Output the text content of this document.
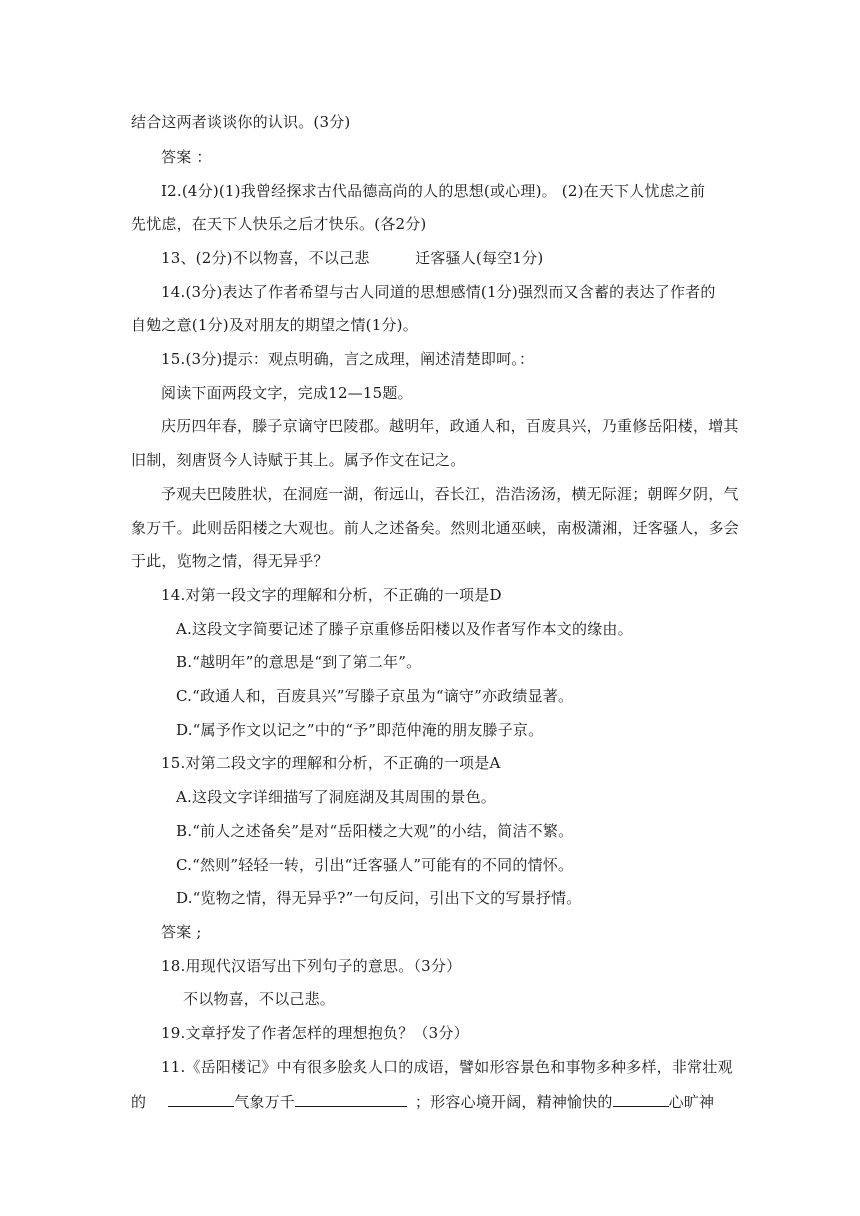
结合这两者谈谈你的认识。(3分)
答案 ：
I2.(4分)(1)我曾经探求古代品德高尚的人的思想(或心理)。 (2)在天下人忧虑之前
先忧虑，在天下人快乐之后才快乐。(各2分)
13、(2分)不以物喜，不以己悲　　　迁客骚人(每空1分)
14.(3分)表达了作者希望与古人同道的思想感情(1分)强烈而又含蓄的表达了作者的
自勉之意(1分)及对朋友的期望之情(1分)。
15.(3分)提示：观点明确，言之成理，阐述清楚即呵。：
阅读下面两段文字，完成12—15题。
庆历四年春，滕子京谪守巴陵郡。越明年，政通人和，百废具兴，乃重修岳阳楼，增其
旧制，刻唐贤今人诗赋于其上。属予作文在记之。
予观夫巴陵胜状，在洞庭一湖，衔远山，吞长江，浩浩汤汤，横无际涯；朝晖夕阴，气
象万千。此则岳阳楼之大观也。前人之述备矣。然则北通巫峡，南极潇湘，迁客骚人，多会
于此，览物之情，得无异乎？
14.对第一段文字的理解和分析，不正确的一项是D
A.这段文字简要记述了滕子京重修岳阳楼以及作者写作本文的缘由。
B.“越明年”的意思是“到了第二年”。
C.“政通人和，百废具兴”写滕子京虽为“谪守”亦政绩显著。
D.“属予作文以记之”中的“予”即范仲淹的朋友滕子京。
15.对第二段文字的理解和分析，不正确的一项是A
A.这段文字详细描写了洞庭湖及其周围的景色。
B.“前人之述备矣”是对“岳阳楼之大观”的小结，简洁不繁。
C.“然则”轻轻一转，引出“迁客骚人”可能有的不同的情怀。
D.“览物之情，得无异乎?”一句反问，引出下文的写景抒情。
答案 ;
18.用现代汉语写出下列句子的意思。（3分）
不以物喜，不以己悲。
19.文章抒发了作者怎样的理想抱负？（3分）
11.《岳阳楼记》中有很多脍炙人口的成语，譬如形容景色和事物多种多样，非常壮观
的	气象万千	；形容心境开阔，精神愉快的	心旷神
